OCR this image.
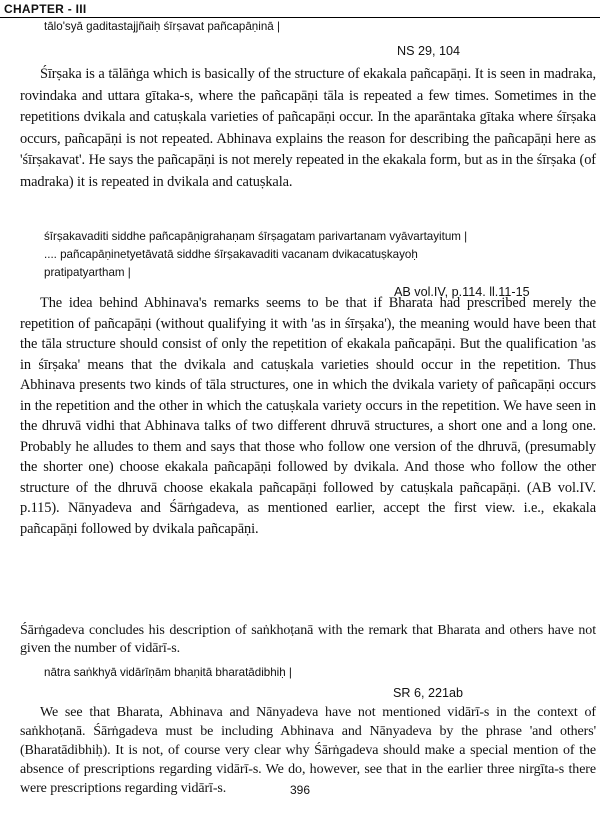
CHAPTER - III
tālo'syā gaditastajjñaiḥ śīrṣavat pañcapāṇinā |
NS 29, 104

Śīrṣaka is a tālāṅga which is basically of the structure of ekakala pañcapāṇi. It is seen in madraka, rovindaka and uttara gītaka-s, where the pañcapāṇi tāla is repeated a few times. Sometimes in the repetitions dvikala and catuṣkala varieties of pañcapāṇi occur. In the aparāntaka gītaka where śīrṣaka occurs, pañcapāṇi is not repeated. Abhinava explains the reason for describing the pañcapāṇi here as 'śīrṣakavat'. He says the pañcapāṇi is not merely repeated in the ekakala form, but as in the śīrṣaka (of madraka) it is repeated in dvikala and catuṣkala.

śīrṣakavaditi siddhe pañcapāṇigrahaṇam śīrṣagatam parivartanam vyāvartayitum |
.... pañcapāṇinetyetāvatā siddhe śīrṣakavaditi vacanam dvikacatuṣkayoḥ
pratipatyartham |
AB vol.IV, p.114. ll.11-15

The idea behind Abhinava's remarks seems to be that if Bharata had prescribed merely the repetition of pañcapāṇi (without qualifying it with 'as in śīrṣaka'), the meaning would have been that the tāla structure should consist of only the repetition of ekakala pañcapāṇi. But the qualification 'as in śīrṣaka' means that the dvikala and catuṣkala varieties should occur in the repetition. Thus Abhinava presents two kinds of tāla structures, one in which the dvikala variety of pañcapāṇi occurs in the repetition and the other in which the catuṣkala variety occurs in the repetition. We have seen in the dhruvā vidhi that Abhinava talks of two different dhruvā structures, a short one and a long one. Probably he alludes to them and says that those who follow one version of the dhruvā, (presumably the shorter one) choose ekakala pañcapāṇi followed by dvikala. And those who follow the other structure of the dhruvā choose ekakala pañcapāṇi followed by catuṣkala pañcapāṇi. (AB vol.IV. p.115). Nānyadeva and Śārṅgadeva, as mentioned earlier, accept the first view. i.e., ekakala pañcapāṇi followed by dvikala pañcapāṇi.

Śārṅgadeva concludes his description of saṅkhoṭanā with the remark that Bharata and others have not given the number of vidārī-s.

nātra saṅkhyā vidārīṇām bhaṇitā bharatādibhiḥ |
SR 6, 221ab

We see that Bharata, Abhinava and Nānyadeva have not mentioned vidārī-s in the context of saṅkhoṭanā. Śārṅgadeva must be including Abhinava and Nānyadeva by the phrase 'and others' (Bharatādibhiḥ). It is not, of course very clear why Śārṅgadeva should make a special mention of the absence of prescriptions regarding vidārī-s. We do, however, see that in the earlier three nirgīta-s there were prescriptions regarding vidārī-s.	396
